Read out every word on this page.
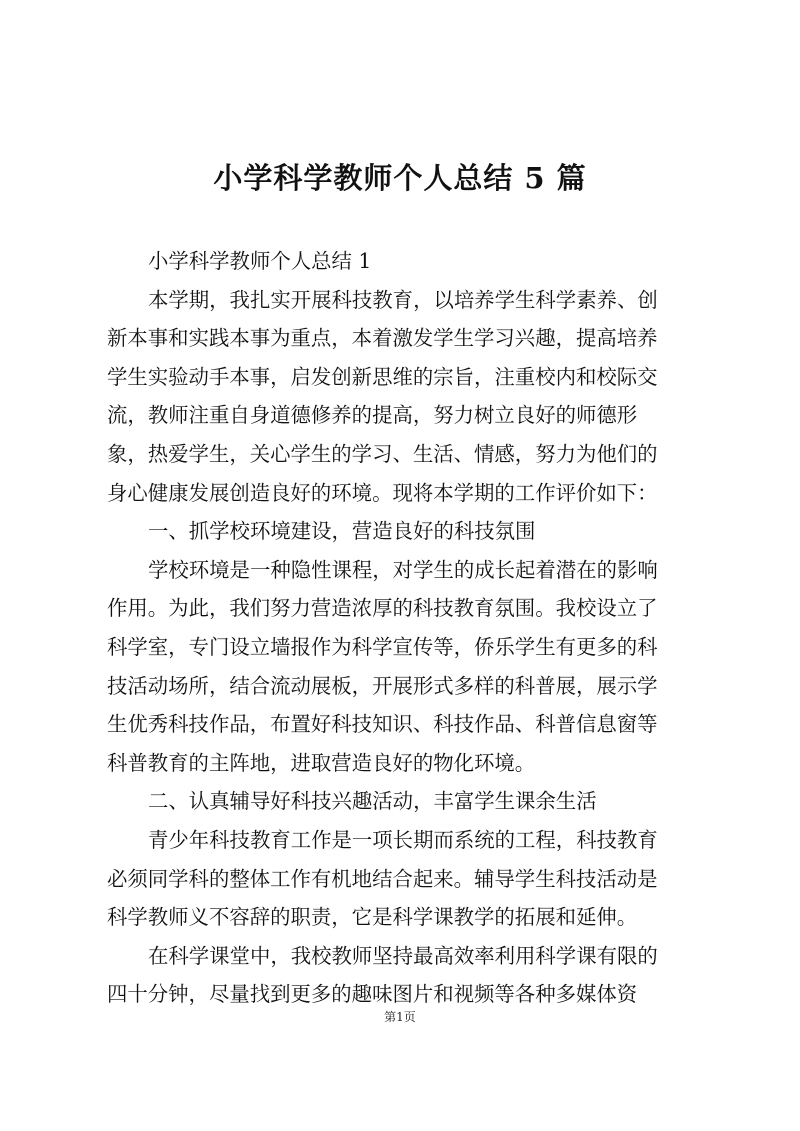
小学科学教师个人总结 5 篇
小学科学教师个人总结 1
本学期，我扎实开展科技教育，以培养学生科学素养、创
新本事和实践本事为重点，本着激发学生学习兴趣，提高培养
学生实验动手本事，启发创新思维的宗旨，注重校内和校际交
流，教师注重自身道德修养的提高，努力树立良好的师德形
象，热爱学生，关心学生的学习、生活、情感，努力为他们的
身心健康发展创造良好的环境。现将本学期的工作评价如下：
一、抓学校环境建设，营造良好的科技氛围
学校环境是一种隐性课程，对学生的成长起着潜在的影响
作用。为此，我们努力营造浓厚的科技教育氛围。我校设立了
科学室，专门设立墙报作为科学宣传等，侨乐学生有更多的科
技活动场所，结合流动展板，开展形式多样的科普展，展示学
生优秀科技作品，布置好科技知识、科技作品、科普信息窗等
科普教育的主阵地，进取营造良好的物化环境。
二、认真辅导好科技兴趣活动，丰富学生课余生活
青少年科技教育工作是一项长期而系统的工程，科技教育
必须同学科的整体工作有机地结合起来。辅导学生科技活动是
科学教师义不容辞的职责，它是科学课教学的拓展和延伸。
在科学课堂中，我校教师坚持最高效率利用科学课有限的
四十分钟，尽量找到更多的趣味图片和视频等各种多媒体资
第1页
